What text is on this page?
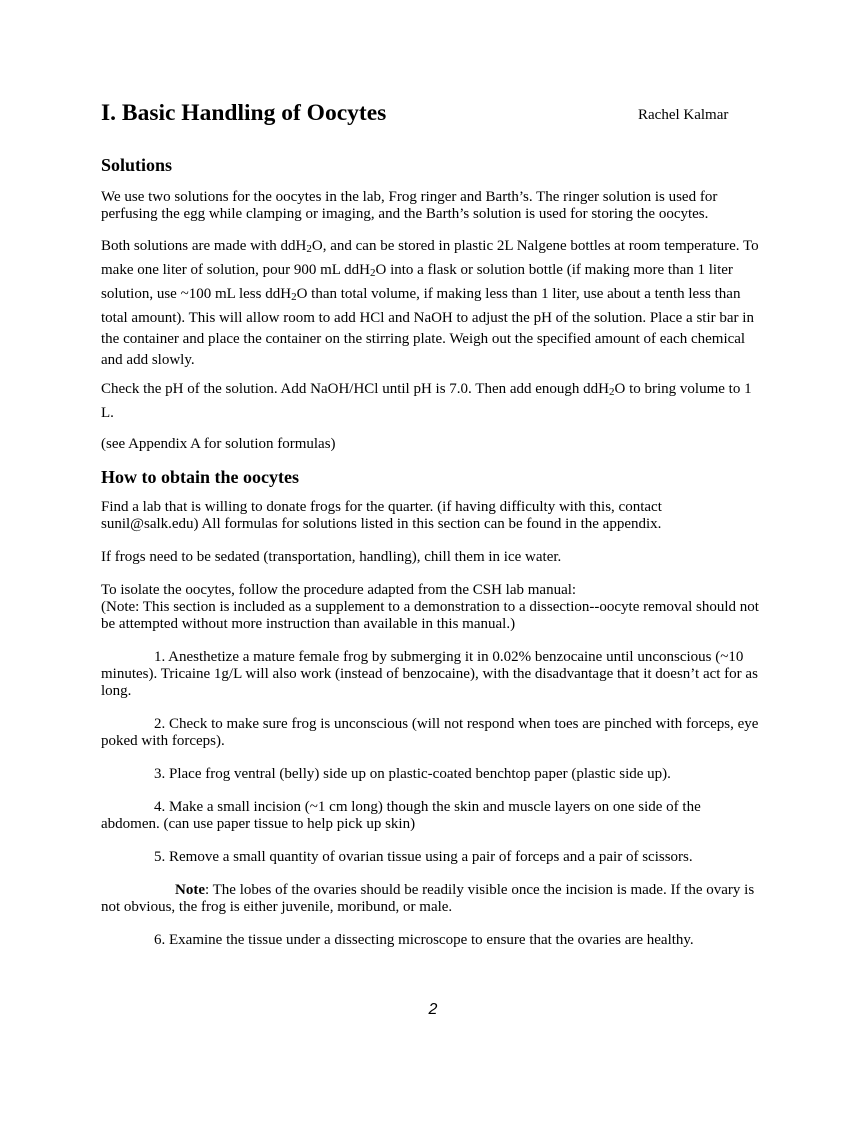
I. Basic Handling of Oocytes	Rachel Kalmar
Solutions

We use two solutions for the oocytes in the lab, Frog ringer and Barth’s. The ringer solution is used for perfusing the egg while clamping or imaging, and the Barth’s solution is used for storing the oocytes.

Both solutions are made with ddH$_2$O, and can be stored in plastic 2L Nalgene bottles at room temperature. To make one liter of solution, pour 900 mL ddH$_2$O into a flask or solution bottle (if making more than 1 liter solution, use ~100 mL less ddH$_2$O than total volume, if making less than 1 liter, use about a tenth less than total amount). This will allow room to add HCl and NaOH to adjust the pH of the solution. Place a stir bar in the container and place the container on the stirring plate. Weigh out the specified amount of each chemical and add slowly.

Check the pH of the solution. Add NaOH/HCl until pH is 7.0. Then add enough ddH$_2$O to bring volume to 1 L.

(see Appendix A for solution formulas)

How to obtain the oocytes

Find a lab that is willing to donate frogs for the quarter. (if having difficulty with this, contact sunil@salk.edu) All formulas for solutions listed in this section can be found in the appendix.

If frogs need to be sedated (transportation, handling), chill them in ice water.

To isolate the oocytes, follow the procedure adapted from the CSH lab manual:
(Note: This section is included as a supplement to a demonstration to a dissection--oocyte removal should not be attempted without more instruction than available in this manual.)

1. Anesthetize a mature female frog by submerging it in 0.02% benzocaine until unconscious (~10 minutes). Tricaine 1g/L will also work (instead of benzocaine), with the disadvantage that it doesn’t act for as long.

2. Check to make sure frog is unconscious (will not respond when toes are pinched with forceps, eye poked with forceps).

3. Place frog ventral (belly) side up on plastic-coated benchtop paper (plastic side up).

4. Make a small incision (~1 cm long) though the skin and muscle layers on one side of the abdomen. (can use paper tissue to help pick up skin)

5. Remove a small quantity of ovarian tissue using a pair of forceps and a pair of scissors.

Note: The lobes of the ovaries should be readily visible once the incision is made. If the ovary is not obvious, the frog is either juvenile, moribund, or male.

6. Examine the tissue under a dissecting microscope to ensure that the ovaries are healthy.

2
